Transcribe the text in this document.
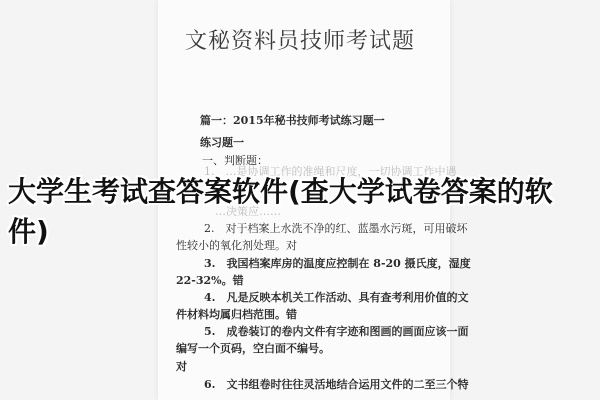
文秘资料员技师考试题
篇一：2015年秘书技师考试练习题一
练习题一
一、判断题：
1.　…是协调工作的准绳和尺度，一切协调工作中遇
…决策应……
2.　对于档案上水洗不净的红、蓝墨水污斑，可用破坏
性较小的氧化剂处理。对
3.　我国档案库房的温度应控制在 8-20 摄氏度，湿度
22-32%。错
4.　凡是反映本机关工作活动、具有查考利用价值的文
件材料均属归档范围。错
5.　成卷装订的卷内文件有字迹和图画的画面应该一面
编写一个页码，空白面不编号。
对
6.　文书组卷时往往灵活地结合运用文件的二至三个特
大学生考试查答案软件(查大学试卷答案的软件)
